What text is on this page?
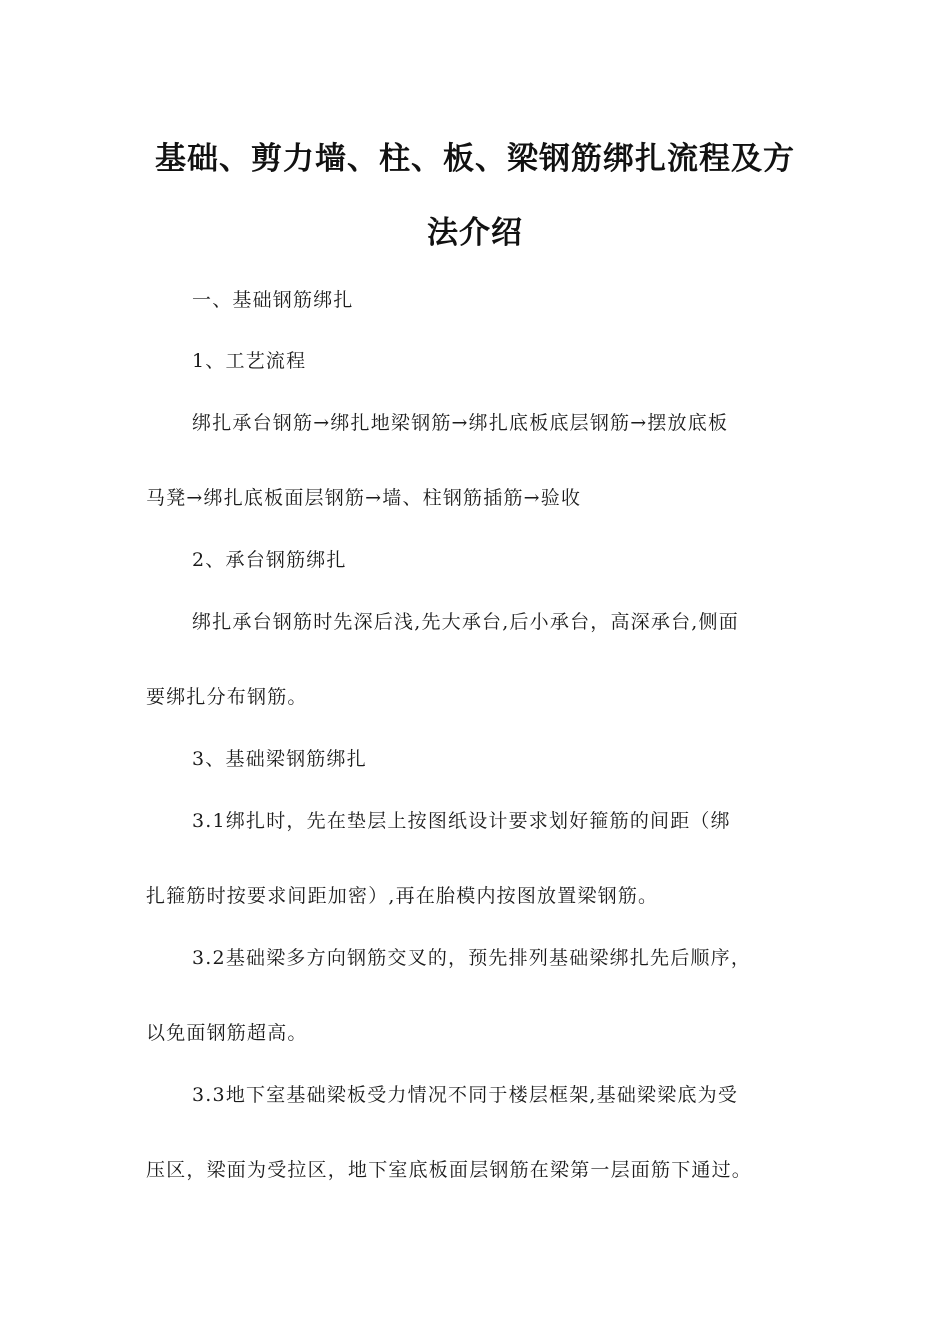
基础、剪力墙、柱、板、梁钢筋绑扎流程及方
法介绍
一、基础钢筋绑扎
1、工艺流程
绑扎承台钢筋→绑扎地梁钢筋→绑扎底板底层钢筋→摆放底板
马凳→绑扎底板面层钢筋→墙、柱钢筋插筋→验收
2、承台钢筋绑扎
绑扎承台钢筋时先深后浅,先大承台,后小承台，高深承台,侧面
要绑扎分布钢筋。
3、基础梁钢筋绑扎
3.1绑扎时，先在垫层上按图纸设计要求划好箍筋的间距（绑
扎箍筋时按要求间距加密）,再在胎模内按图放置梁钢筋。
3.2基础梁多方向钢筋交叉的，预先排列基础梁绑扎先后顺序，
以免面钢筋超高。
3.3地下室基础梁板受力情况不同于楼层框架,基础梁梁底为受
压区，梁面为受拉区，地下室底板面层钢筋在梁第一层面筋下通过。
